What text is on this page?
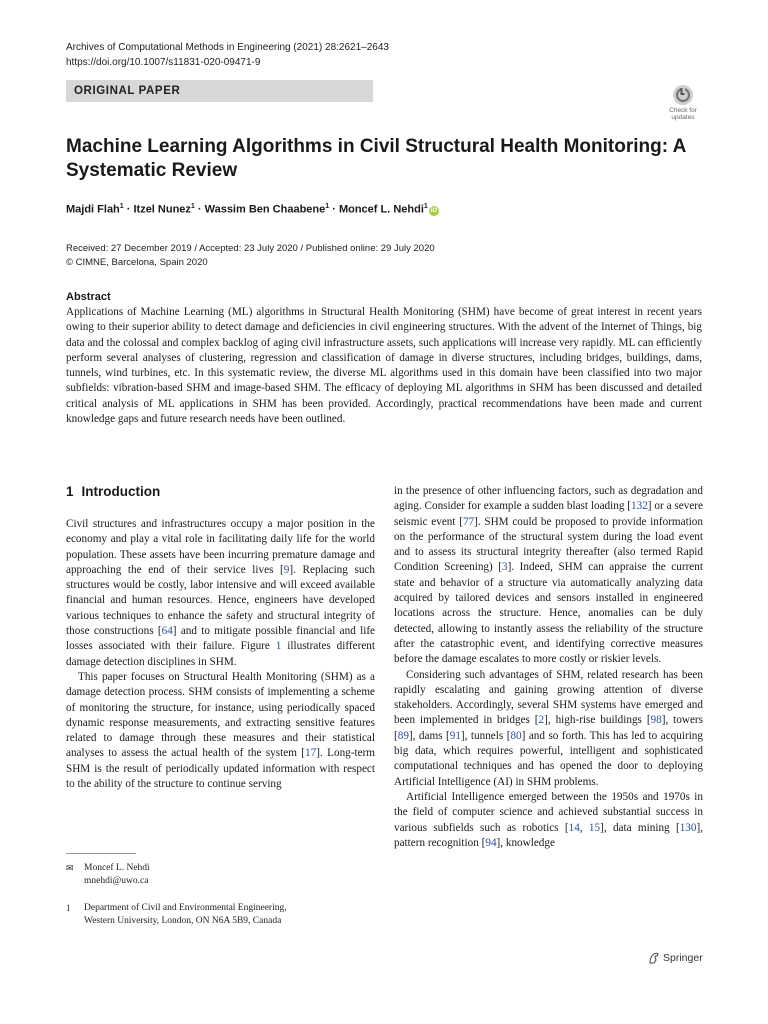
Archives of Computational Methods in Engineering (2021) 28:2621–2643
https://doi.org/10.1007/s11831-020-09471-9
ORIGINAL PAPER
Check for
updates
Machine Learning Algorithms in Civil Structural Health Monitoring: A Systematic Review
Majdi Flah$^1$ · Itzel Nunez$^1$ · Wassim Ben Chaabene$^1$ · Moncef L. Nehdi$^1$iD
Received: 27 December 2019 / Accepted: 23 July 2020 / Published online: 29 July 2020
© CIMNE, Barcelona, Spain 2020
Abstract

Applications of Machine Learning (ML) algorithms in Structural Health Monitoring (SHM) have become of great interest in recent years owing to their superior ability to detect damage and deficiencies in civil engineering structures. With the advent of the Internet of Things, big data and the colossal and complex backlog of aging civil infrastructure assets, such applications will increase very rapidly. ML can efficiently perform several analyses of clustering, regression and classification of damage in diverse structures, including bridges, buildings, dams, tunnels, wind turbines, etc. In this systematic review, the diverse ML algorithms used in this domain have been classified into two major subfields: vibration-based SHM and image-based SHM. The efficacy of deploying ML algorithms in SHM has been discussed and detailed critical analysis of ML applications in SHM has been provided. Accordingly, practical recommendations have been made and current knowledge gaps and future research needs have been outlined.

1 Introduction

Civil structures and infrastructures occupy a major position in the economy and play a vital role in facilitating daily life for the world population. These assets have been incurring premature damage and approaching the end of their service lives [9]. Replacing such structures would be costly, labor intensive and will exceed available financial and human resources. Hence, engineers have developed various techniques to enhance the safety and structural integrity of those constructions [64] and to mitigate possible financial and life losses associated with their failure. Figure 1 illustrates different damage detection disciplines in SHM.

This paper focuses on Structural Health Monitoring (SHM) as a damage detection process. SHM consists of implementing a scheme of monitoring the structure, for instance, using periodically spaced dynamic response measurements, and extracting sensitive features related to damage through these measures and their statistical analyses to assess the actual health of the system [17]. Long-term SHM is the result of periodically updated information with respect to the ability of the structure to continue serving

in the presence of other influencing factors, such as degradation and aging. Consider for example a sudden blast loading [132] or a severe seismic event [77]. SHM could be proposed to provide information on the performance of the structural system during the load event and to assess its structural integrity thereafter (also termed Rapid Condition Screening) [3]. Indeed, SHM can appraise the current state and behavior of a structure via automatically analyzing data acquired by tailored devices and sensors installed in engineered locations across the structure. Hence, anomalies can be duly detected, allowing to instantly assess the reliability of the structure after the catastrophic event, and identifying corrective measures before the damage escalates to more costly or riskier levels.

Considering such advantages of SHM, related research has been rapidly escalating and gaining growing attention of diverse stakeholders. Accordingly, several SHM systems have emerged and been implemented in bridges [2], high-rise buildings [98], towers [89], dams [91], tunnels [80] and so forth. This has led to acquiring big data, which requires powerful, intelligent and sophisticated computational techniques and has opened the door to deploying Artificial Intelligence (AI) in SHM problems.

Artificial Intelligence emerged between the 1950s and 1970s in the field of computer science and achieved substantial success in various subfields such as robotics [14, 15], data mining [130], pattern recognition [94], knowledge

✉	Moncef L. Nehdi
mnehdi@uwo.ca
1	Department of Civil and Environmental Engineering,
Western University, London, ON N6A 5B9, Canada
Springer
